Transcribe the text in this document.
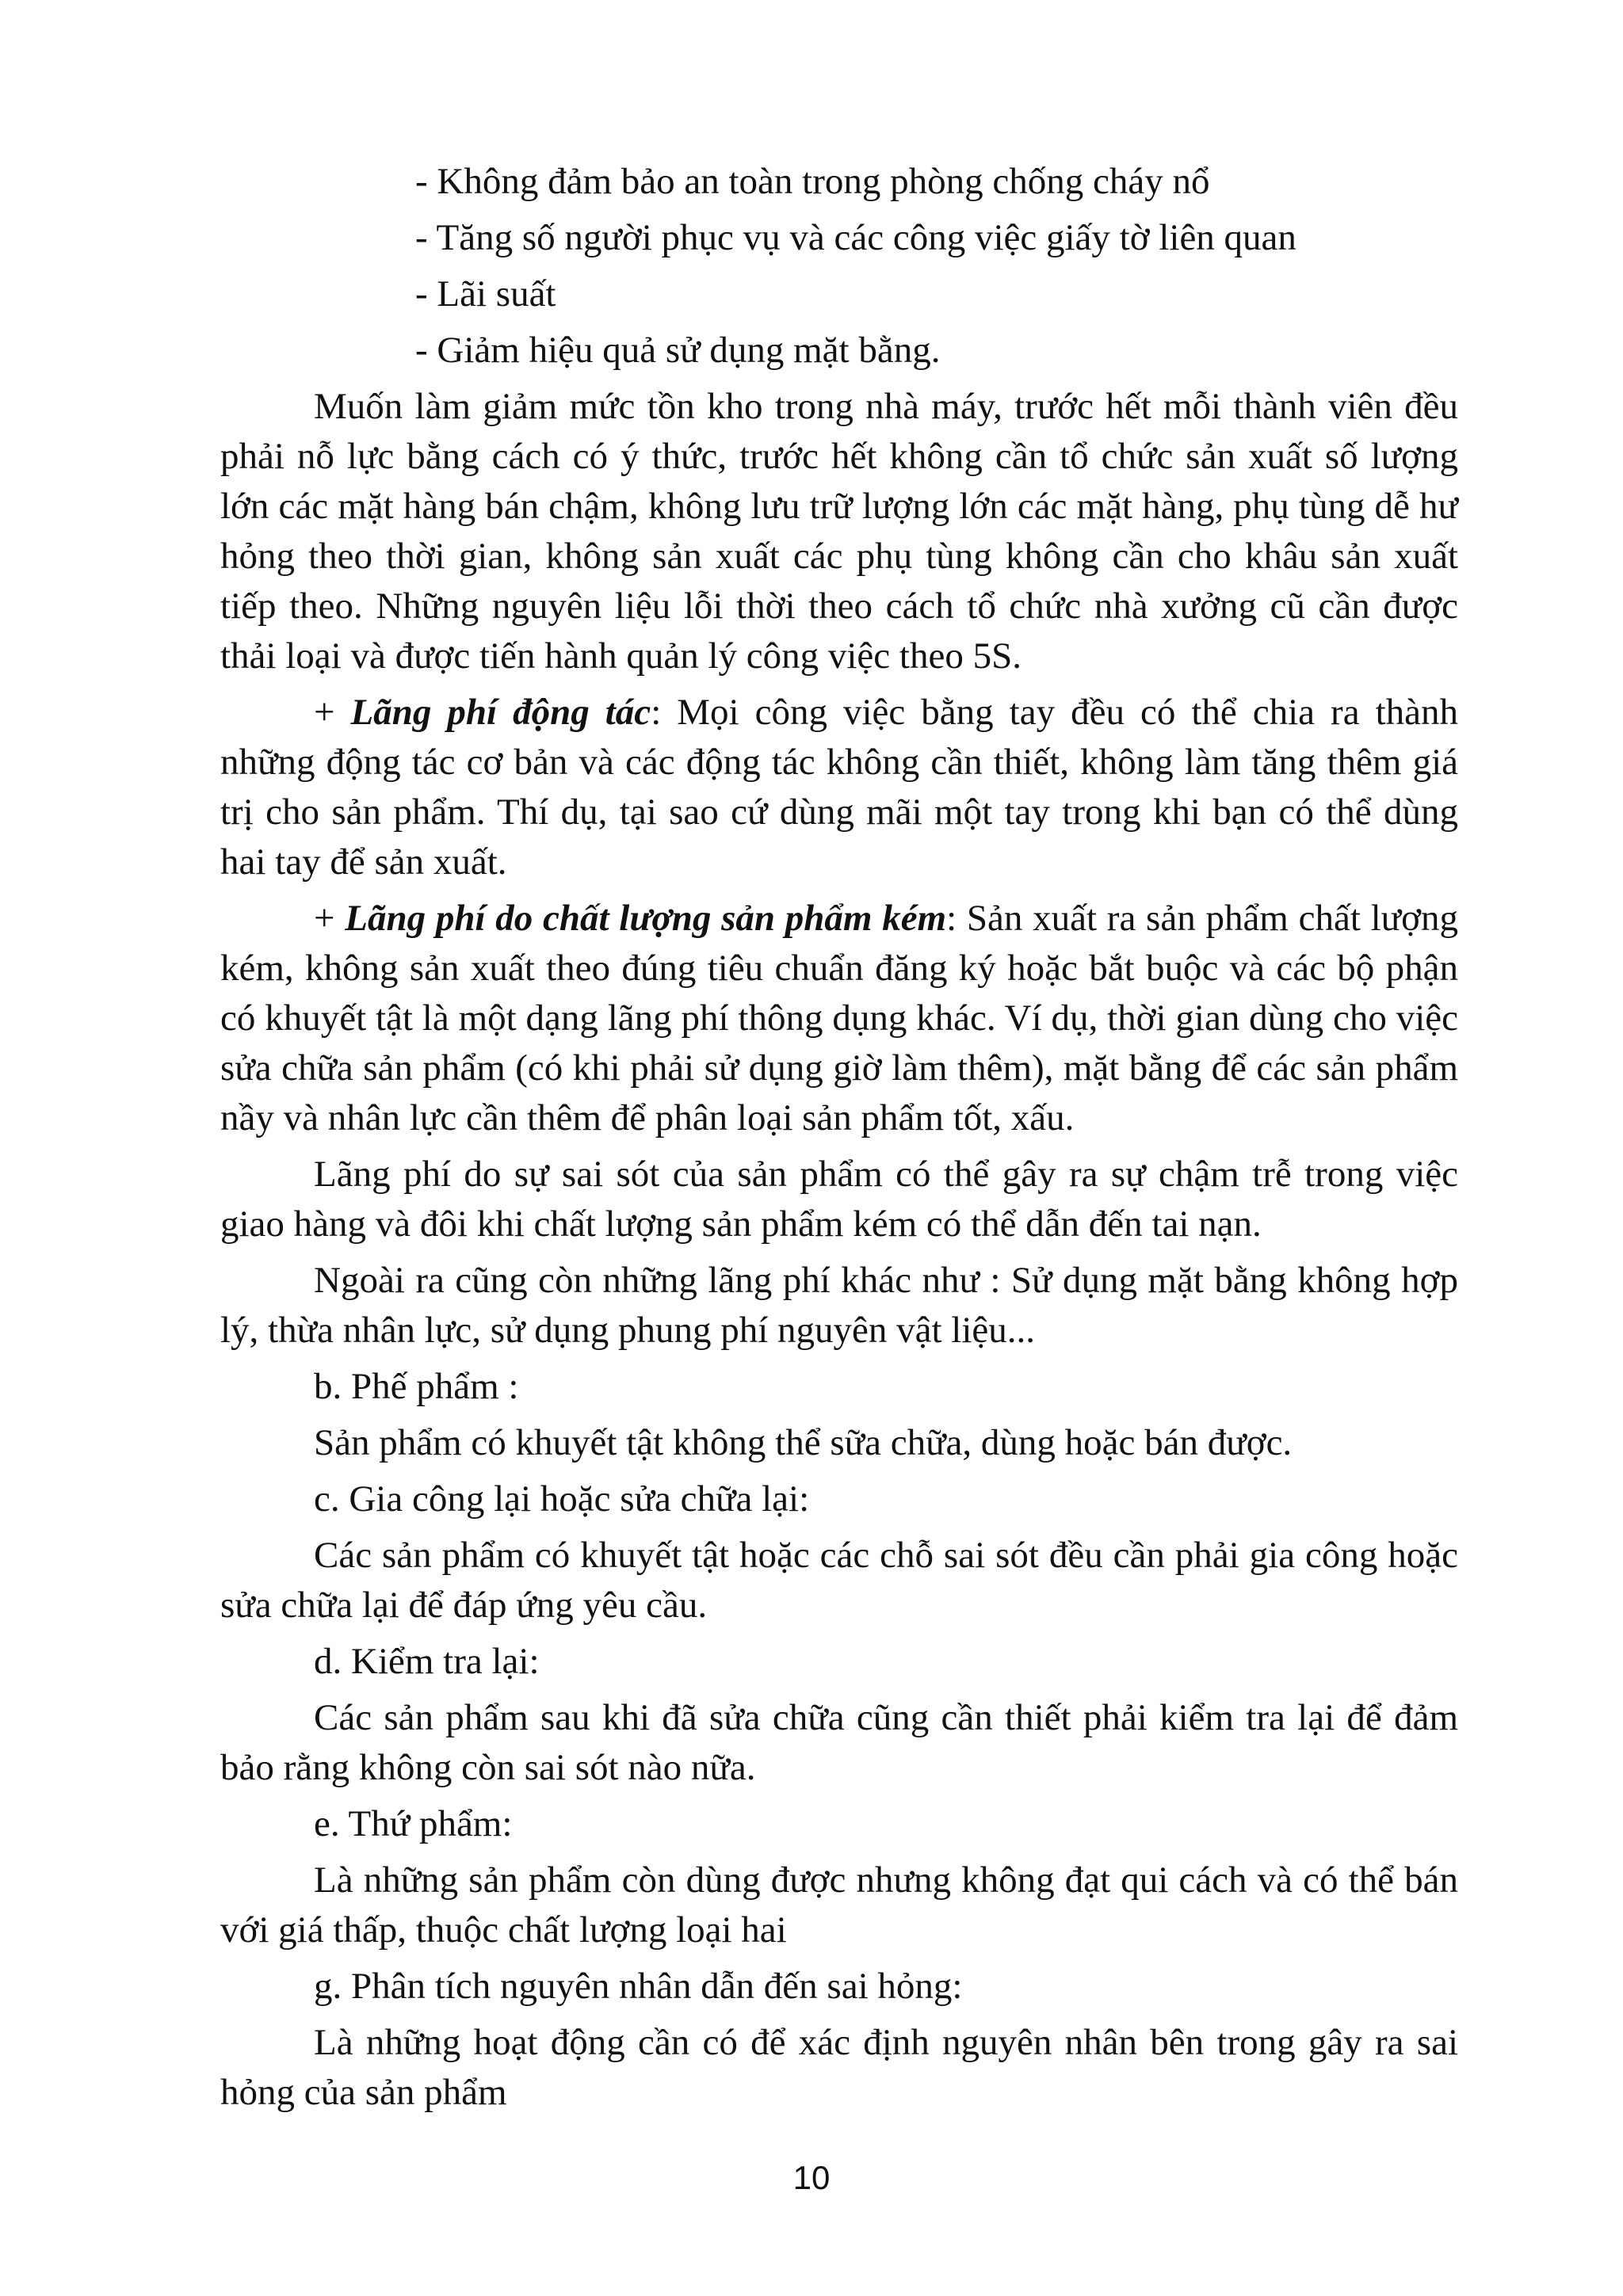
- Không đảm bảo an toàn trong phòng chống cháy nổ
- Tăng số người phục vụ và các công việc giấy tờ liên quan
- Lãi suất
- Giảm hiệu quả sử dụng mặt bằng.

Muốn làm giảm mức tồn kho trong nhà máy, trước hết mỗi thành viên đều phải nỗ lực bằng cách có ý thức, trước hết không cần tổ chức sản xuất số lượng lớn các mặt hàng bán chậm, không lưu trữ lượng lớn các mặt hàng, phụ tùng dễ hư hỏng theo thời gian, không sản xuất các phụ tùng không cần cho khâu sản xuất tiếp theo. Những nguyên liệu lỗi thời theo cách tổ chức nhà xưởng cũ cần được thải loại và được tiến hành quản lý công việc theo 5S.

+ Lãng phí động tác: Mọi công việc bằng tay đều có thể chia ra thành những động tác cơ bản và các động tác không cần thiết, không làm tăng thêm giá trị cho sản phẩm. Thí dụ, tại sao cứ dùng mãi một tay trong khi bạn có thể dùng hai tay để sản xuất.

+ Lãng phí do chất lượng sản phẩm kém: Sản xuất ra sản phẩm chất lượng kém, không sản xuất theo đúng tiêu chuẩn đăng ký hoặc bắt buộc và các bộ phận có khuyết tật là một dạng lãng phí thông dụng khác. Ví dụ, thời gian dùng cho việc sửa chữa sản phẩm (có khi phải sử dụng giờ làm thêm), mặt bằng để các sản phẩm nầy và nhân lực cần thêm để phân loại sản phẩm tốt, xấu.

Lãng phí do sự sai sót của sản phẩm có thể gây ra sự chậm trễ trong việc giao hàng và đôi khi chất lượng sản phẩm kém có thể dẫn đến tai nạn.

Ngoài ra cũng còn những lãng phí khác như : Sử dụng mặt bằng không hợp lý, thừa nhân lực, sử dụng phung phí nguyên vật liệu...

b. Phế phẩm :

Sản phẩm có khuyết tật không thể sữa chữa, dùng hoặc bán được.

c. Gia công lại hoặc sửa chữa lại:

Các sản phẩm có khuyết tật hoặc các chỗ sai sót đều cần phải gia công hoặc sửa chữa lại để đáp ứng yêu cầu.

d. Kiểm tra lại:

Các sản phẩm sau khi đã sửa chữa cũng cần thiết phải kiểm tra lại để đảm bảo rằng không còn sai sót nào nữa.

e. Thứ phẩm:

Là những sản phẩm còn dùng được nhưng không đạt qui cách và có thể bán với giá thấp, thuộc chất lượng loại hai

g. Phân tích nguyên nhân dẫn đến sai hỏng:

Là những hoạt động cần có để xác định nguyên nhân bên trong gây ra sai hỏng của sản phẩm

10
